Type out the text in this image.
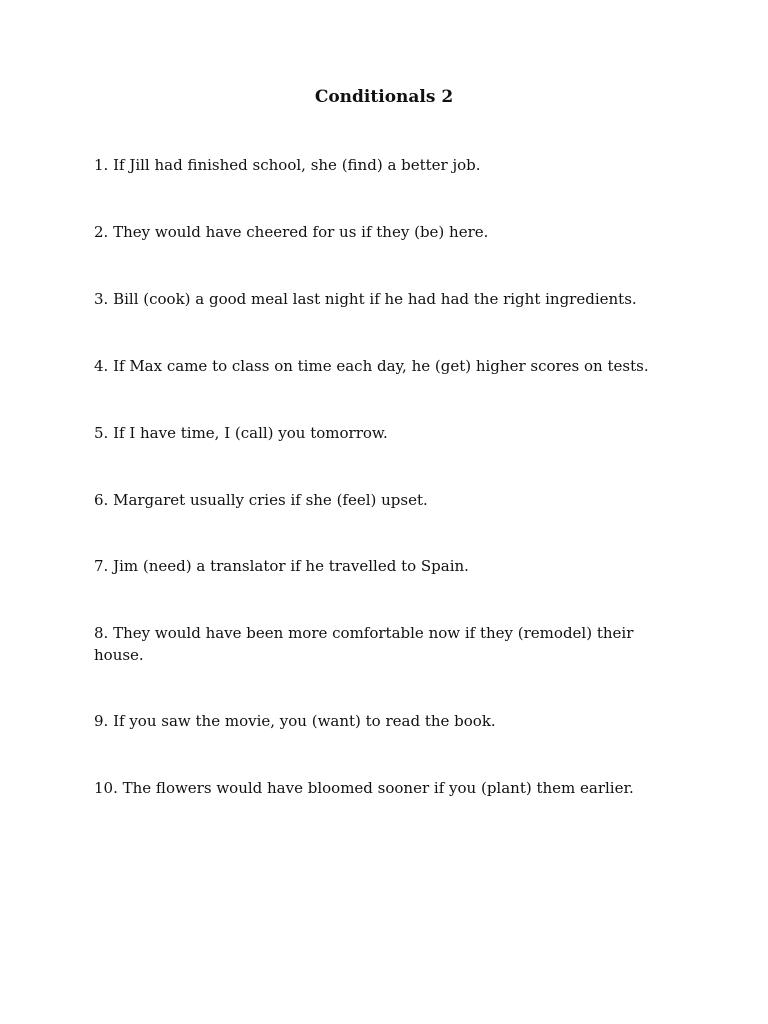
Conditionals 2
1. If Jill had finished school, she (find) a better job.
2. They would have cheered for us if they (be) here.
3. Bill (cook) a good meal last night if he had had the right ingredients.
4. If Max came to class on time each day, he (get) higher scores on tests.
5. If I have time, I (call) you tomorrow.
6. Margaret usually cries if she (feel) upset.
7. Jim (need) a translator if he travelled to Spain.
8. They would have been more comfortable now if they (remodel) their house.
9. If you saw the movie, you (want) to read the book.
10. The flowers would have bloomed sooner if you (plant) them earlier.
